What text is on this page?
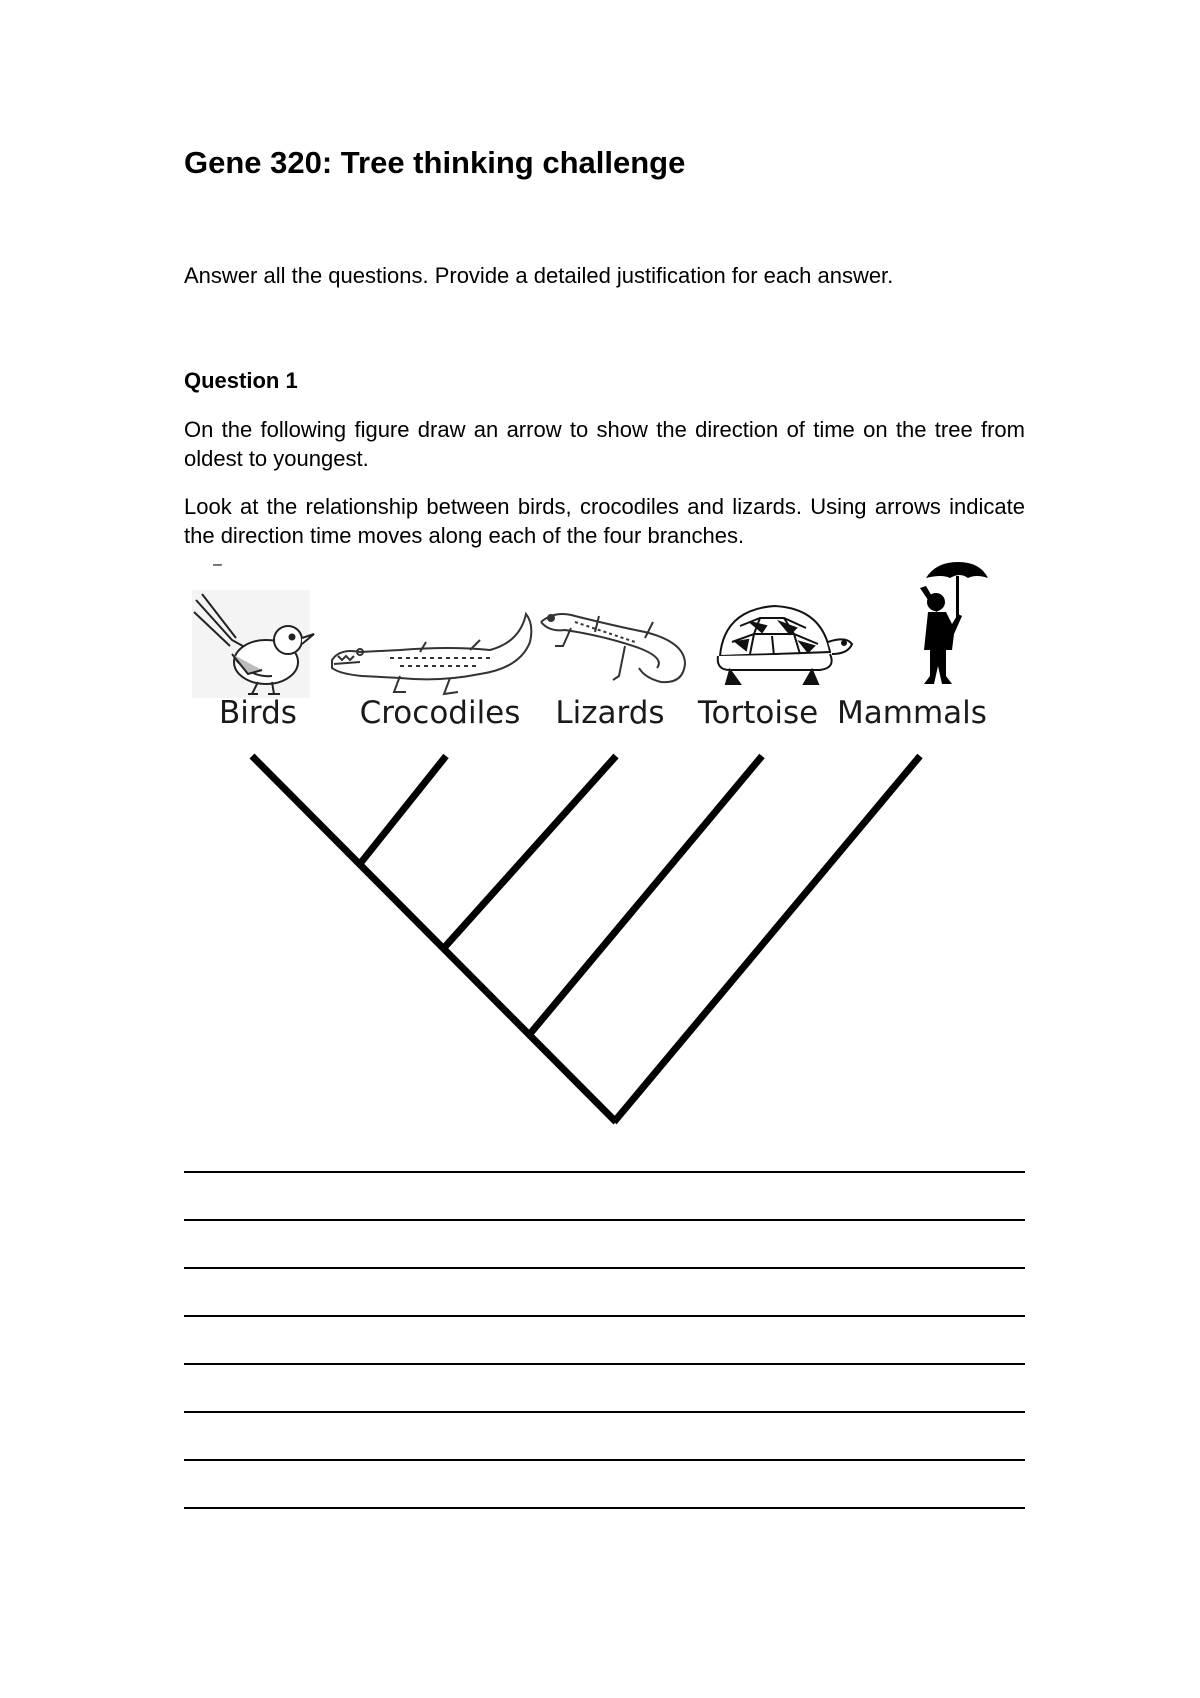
Gene 320: Tree thinking challenge

Answer all the questions. Provide a detailed justification for each answer.

Question 1

On the following figure draw an arrow to show the direction of time on the tree from oldest to youngest.

Look at the relationship between birds, crocodiles and lizards. Using arrows indicate the direction time moves along each of the four branches.

–
Birds Crocodiles Lizards Tortoise Mammals
